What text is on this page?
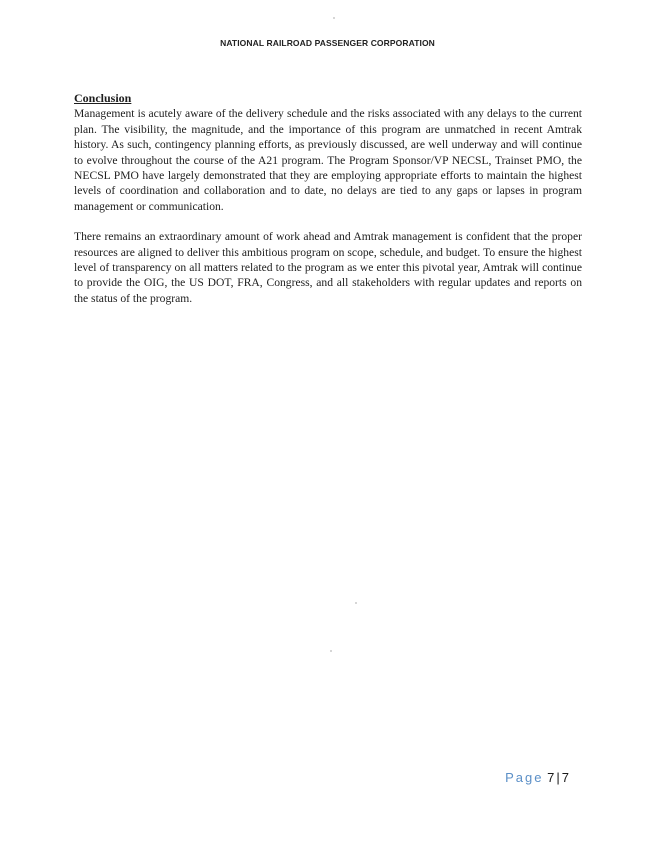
NATIONAL RAILROAD PASSENGER CORPORATION
Conclusion

Management is acutely aware of the delivery schedule and the risks associated with any delays to the current plan. The visibility, the magnitude, and the importance of this program are unmatched in recent Amtrak history. As such, contingency planning efforts, as previously discussed, are well underway and will continue to evolve throughout the course of the A21 program. The Program Sponsor/VP NECSL, Trainset PMO, the NECSL PMO have largely demonstrated that they are employing appropriate efforts to maintain the highest levels of coordination and collaboration and to date, no delays are tied to any gaps or lapses in program management or communication.

There remains an extraordinary amount of work ahead and Amtrak management is confident that the proper resources are aligned to deliver this ambitious program on scope, schedule, and budget. To ensure the highest level of transparency on all matters related to the program as we enter this pivotal year, Amtrak will continue to provide the OIG, the US DOT, FRA, Congress, and all stakeholders with regular updates and reports on the status of the program.

Page 7 | 7
